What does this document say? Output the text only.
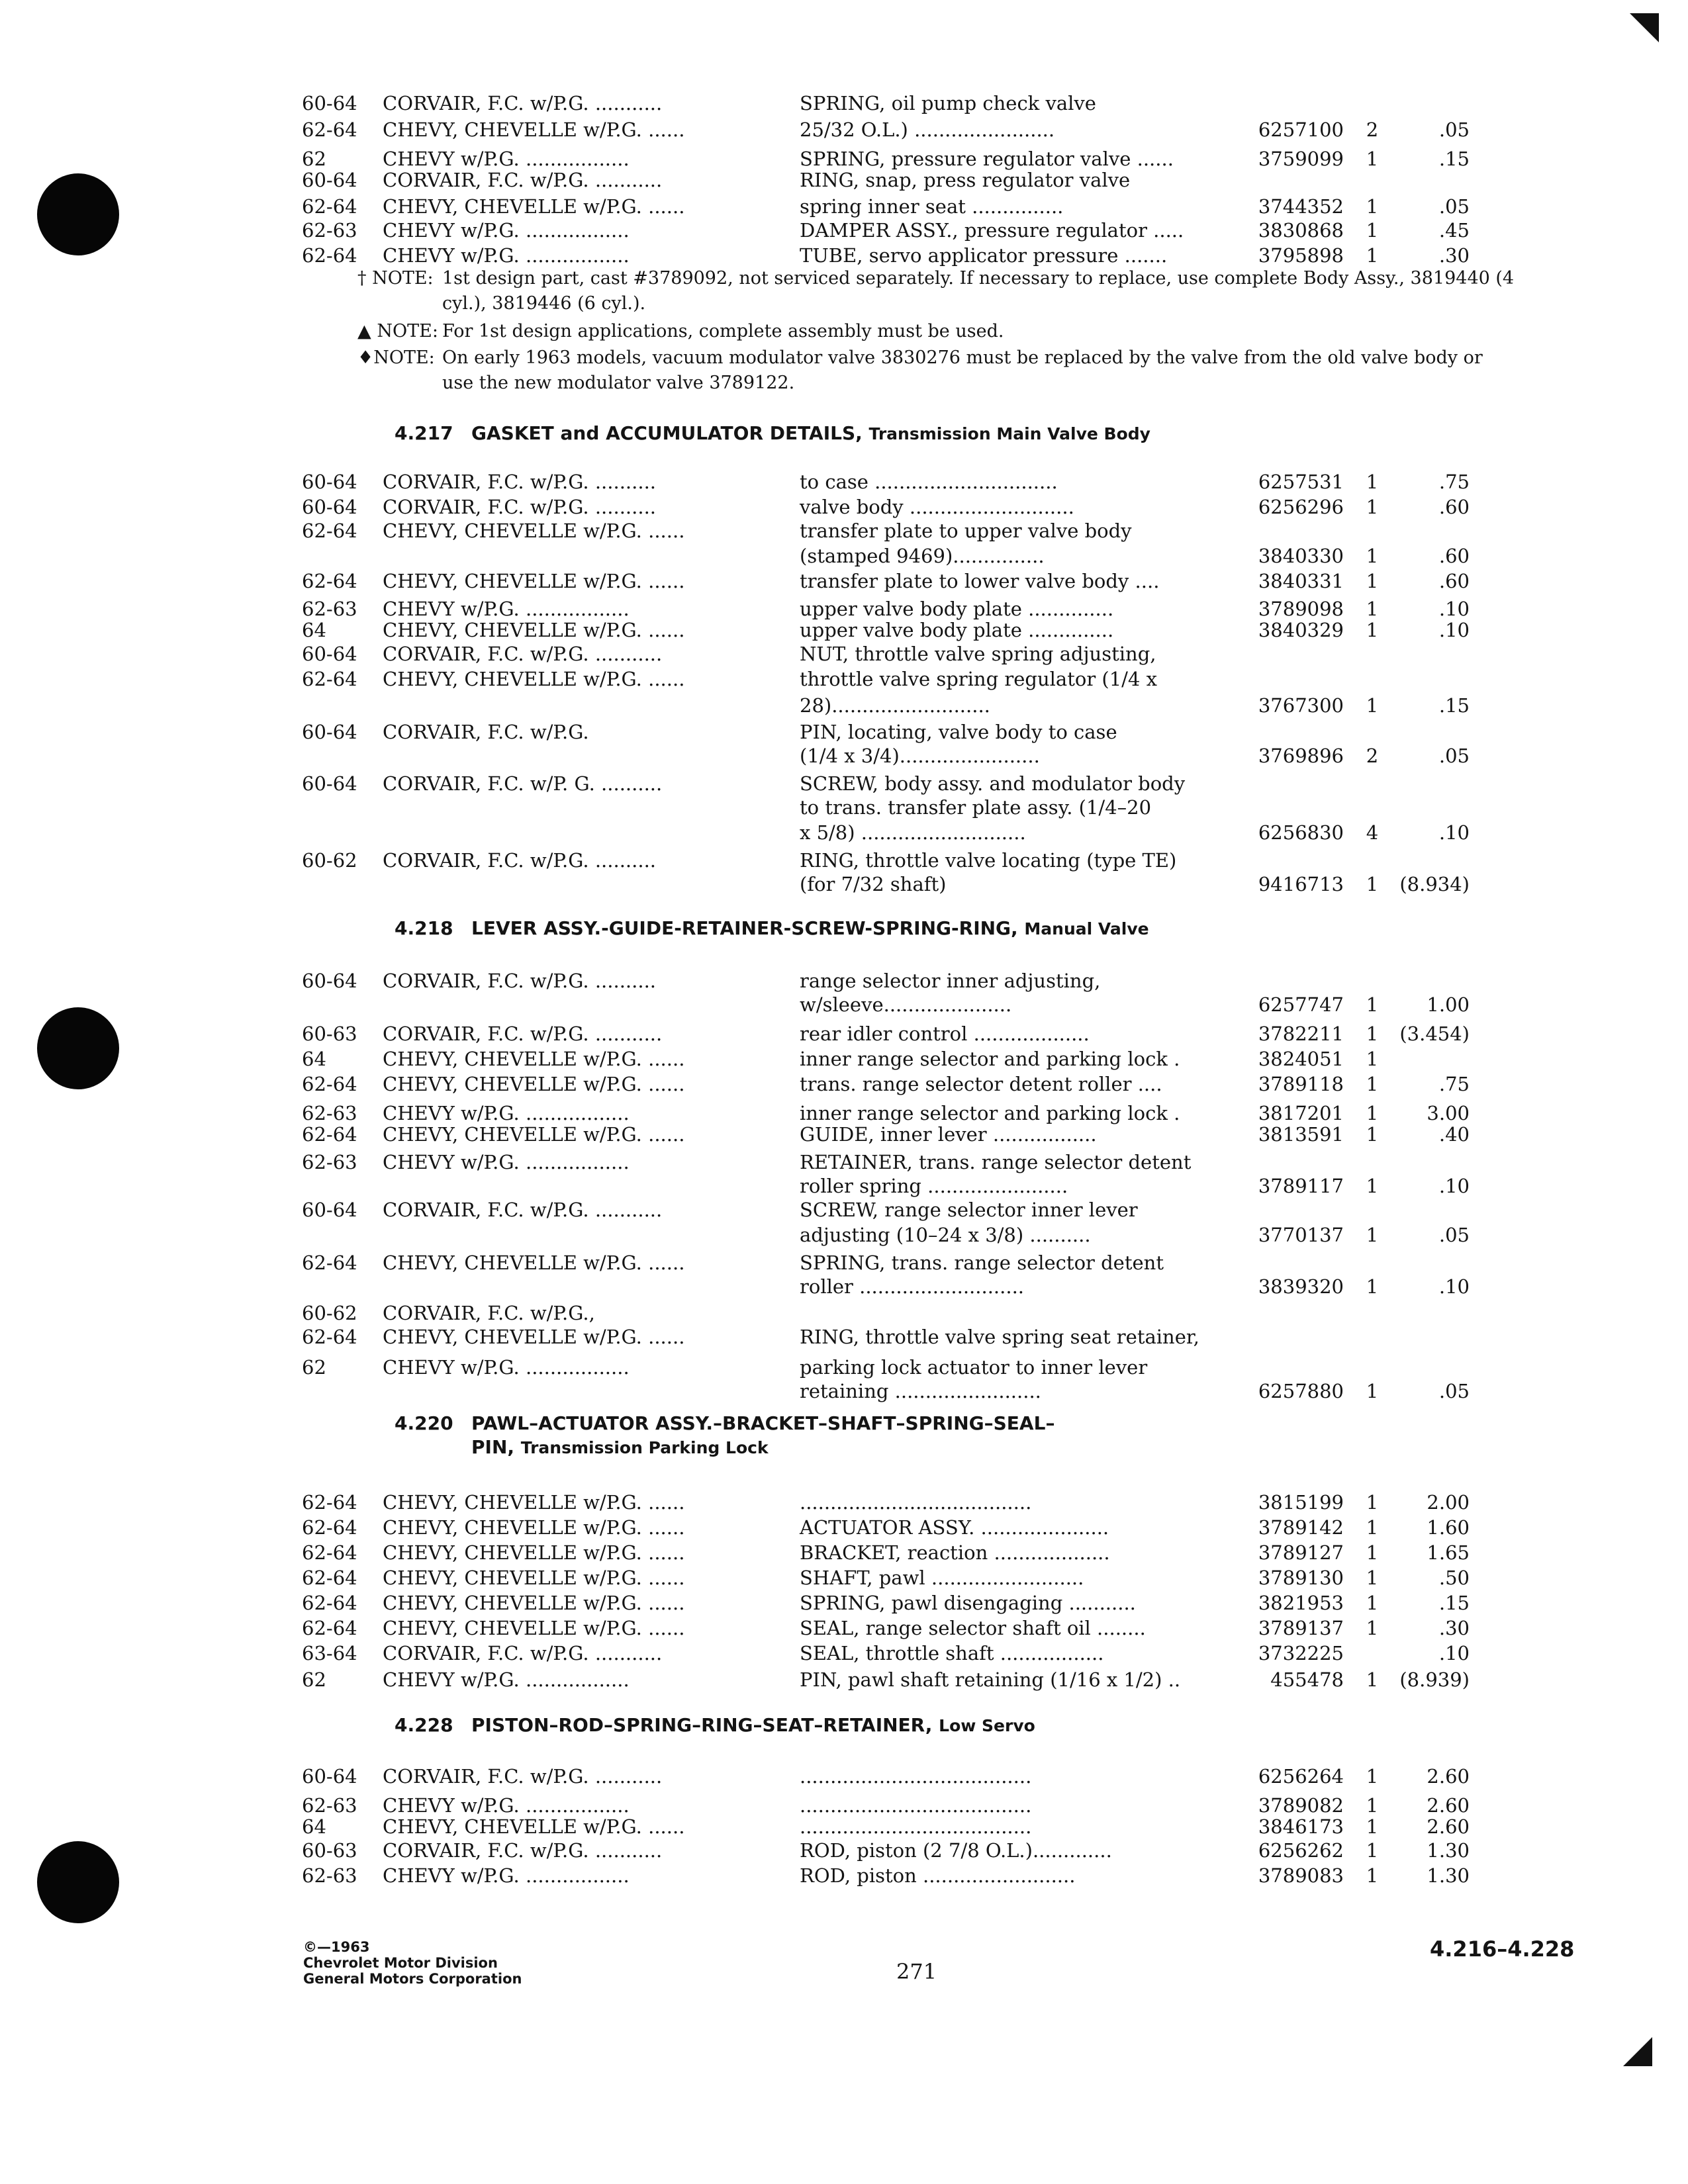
60-64 CORVAIR, F.C. w/P.G. ...........	SPRING, oil pump check valve
62-64 CHEVY, CHEVELLE w/P.G. ......	25/32 O.L.) .......................	6257100 2	.05
62	CHEVY w/P.G. .................	SPRING, pressure regulator valve ......	3759099 1	.15
60-64 CORVAIR, F.C. w/P.G. ...........	RING, snap, press regulator valve
62-64 CHEVY, CHEVELLE w/P.G. ......	spring inner seat ...............	3744352 1	.05
62-63 CHEVY w/P.G. .................	DAMPER ASSY., pressure regulator .....	3830868 1	.45
62-64 CHEVY w/P.G. .................	TUBE, servo applicator pressure .......	3795898 1	.30
† NOTE: 1st design part, cast #3789092, not serviced separately. If necessary to replace, use complete Body Assy., 3819440 (4 cyl.), 3819446 (6 cyl.).
▲ NOTE: For 1st design applications, complete assembly must be used.
♦NOTE: On early 1963 models, vacuum modulator valve 3830276 must be replaced by the valve from the old valve body or use the new modulator valve 3789122.
4.217 GASKET and ACCUMULATOR DETAILS, Transmission Main Valve Body
60-64 CORVAIR, F.C. w/P.G. ..........	to case ..............................	6257531 1	.75
60-64 CORVAIR, F.C. w/P.G. ..........	valve body ...........................	6256296 1	.60
62-64 CHEVY, CHEVELLE w/P.G. ......	transfer plate to upper valve body
(stamped 9469)...............	3840330 1	.60
62-64 CHEVY, CHEVELLE w/P.G. ......	transfer plate to lower valve body ....	3840331 1	.60
62-63 CHEVY w/P.G. .................	upper valve body plate ..............	3789098 1	.10
64	CHEVY, CHEVELLE w/P.G. ......	upper valve body plate ..............	3840329 1	.10
60-64 CORVAIR, F.C. w/P.G. ...........	NUT, throttle valve spring adjusting,
62-64 CHEVY, CHEVELLE w/P.G. ......	throttle valve spring regulator (1/4 x
28)..........................	3767300 1	.15
60-64 CORVAIR, F.C. w/P.G.	PIN, locating, valve body to case
(1/4 x 3/4).......................	3769896 2	.05
60-64 CORVAIR, F.C. w/P. G. ..........	SCREW, body assy. and modulator body
to trans. transfer plate assy. (1/4–20
x 5/8) ...........................	6256830 4	.10
60-62 CORVAIR, F.C. w/P.G. ..........	RING, throttle valve locating (type TE)
(for 7/32 shaft)	9416713 1 (8.934)
4.218 LEVER ASSY.-GUIDE-RETAINER-SCREW-SPRING-RING, Manual Valve
60-64 CORVAIR, F.C. w/P.G. ..........	range selector inner adjusting,
w/sleeve.....................	6257747 1	1.00
60-63 CORVAIR, F.C. w/P.G. ...........	rear idler control ...................	3782211 1 (3.454)
64	CHEVY, CHEVELLE w/P.G. ......	inner range selector and parking lock .	3824051 1
62-64 CHEVY, CHEVELLE w/P.G. ......	trans. range selector detent roller ....	3789118 1	.75
62-63 CHEVY w/P.G. .................	inner range selector and parking lock .	3817201 1	3.00
62-64 CHEVY, CHEVELLE w/P.G. ......	GUIDE, inner lever .................	3813591 1	.40
62-63 CHEVY w/P.G. .................	RETAINER, trans. range selector detent
roller spring .......................	3789117 1	.10
60-64 CORVAIR, F.C. w/P.G. ...........	SCREW, range selector inner lever
adjusting (10–24 x 3/8) ..........	3770137 1	.05
62-64 CHEVY, CHEVELLE w/P.G. ......	SPRING, trans. range selector detent
roller ...........................	3839320 1	.10
60-62 CORVAIR, F.C. w/P.G.,
62-64 CHEVY, CHEVELLE w/P.G. ......	RING, throttle valve spring seat retainer,
62	CHEVY w/P.G. .................	parking lock actuator to inner lever
retaining ........................	6257880 1	.05
4.220 PAWL–ACTUATOR ASSY.–BRACKET–SHAFT–SPRING–SEAL–
PIN, Transmission Parking Lock
62-64 CHEVY, CHEVELLE w/P.G. ......	......................................	3815199 1	2.00
62-64 CHEVY, CHEVELLE w/P.G. ......	ACTUATOR ASSY. .....................	3789142 1	1.60
62-64 CHEVY, CHEVELLE w/P.G. ......	BRACKET, reaction ...................	3789127 1	1.65
62-64 CHEVY, CHEVELLE w/P.G. ......	SHAFT, pawl .........................	3789130 1	.50
62-64 CHEVY, CHEVELLE w/P.G. ......	SPRING, pawl disengaging ...........	3821953 1	.15
62-64 CHEVY, CHEVELLE w/P.G. ......	SEAL, range selector shaft oil ........	3789137 1	.30
63-64 CORVAIR, F.C. w/P.G. ...........	SEAL, throttle shaft .................	3732225	.10
62	CHEVY w/P.G. .................	PIN, pawl shaft retaining (1/16 x 1/2) ..	455478 1 (8.939)
4.228 PISTON–ROD–SPRING–RING–SEAT–RETAINER, Low Servo
60-64 CORVAIR, F.C. w/P.G. ...........	......................................	6256264 1	2.60
62-63 CHEVY w/P.G. .................	......................................	3789082 1	2.60
64	CHEVY, CHEVELLE w/P.G. ......	......................................	3846173 1	2.60
60-63 CORVAIR, F.C. w/P.G. ...........	ROD, piston (2 7/8 O.L.).............	6256262 1	1.30
62-63 CHEVY w/P.G. .................	ROD, piston .........................	3789083 1	1.30
©—1963
Chevrolet Motor Division
General Motors Corporation	271
4.216–4.228
